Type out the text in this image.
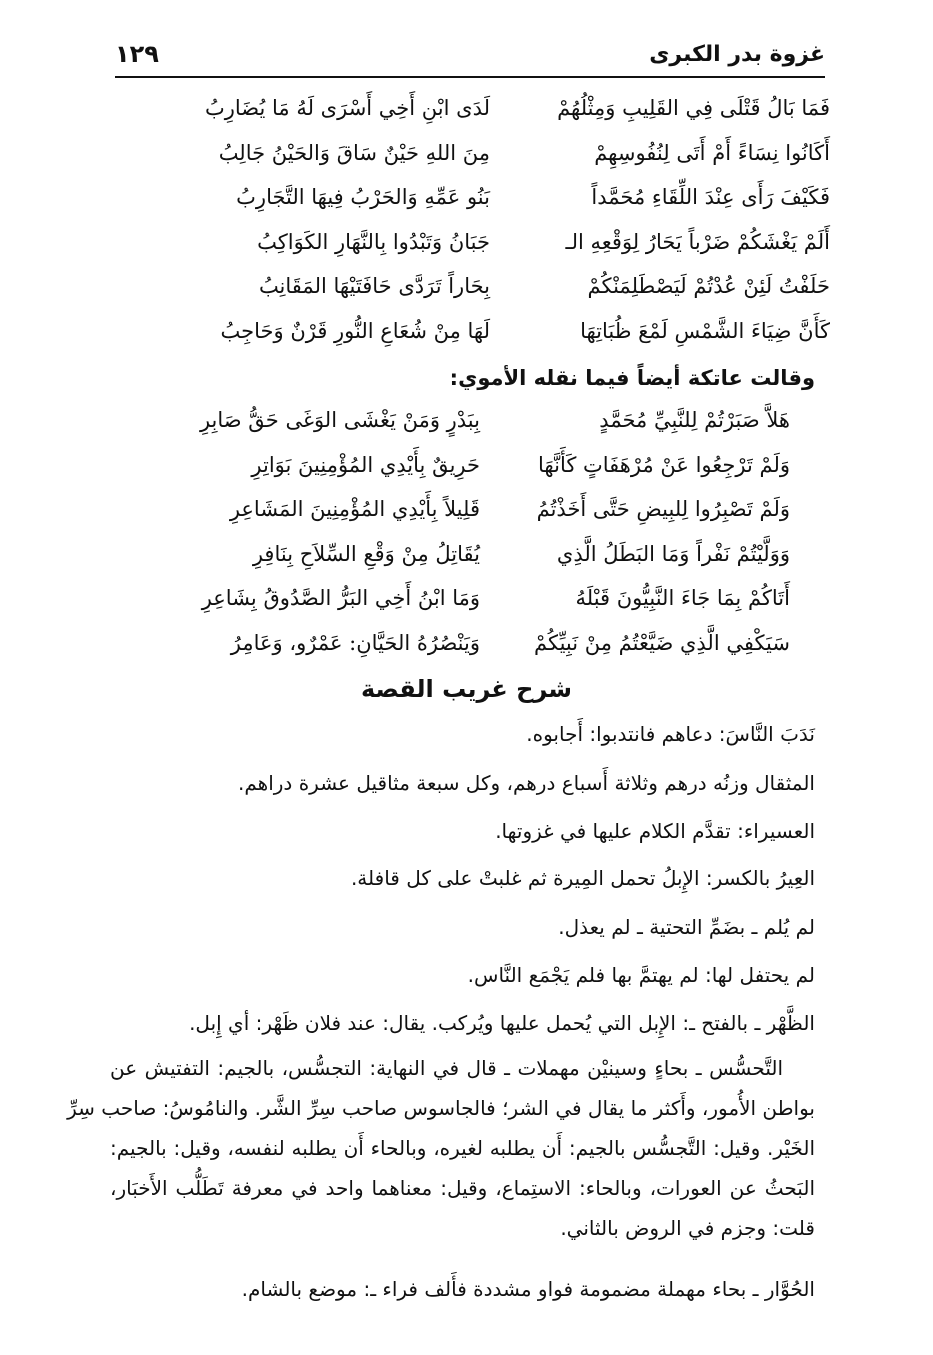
غزوة بدر الكبرى
١٢٩
فَمَا بَالُ قَتْلَى فِي القَلِيبِ وَمِثْلُهُمْ
لَدَى ابْنِ أَخِي أَسْرَى لَهُ مَا يُضَارِبُ
أَكَانُوا نِسَاءً أَمْ أَتَى لِنُفُوسِهِمْ
مِنَ اللهِ حَيْنٌ سَاقَ وَالحَيْنُ جَالِبُ
فَكَيْفَ رَأَى عِنْدَ اللِّقَاءِ مُحَمَّداً
بَنُو عَمِّهِ وَالحَرْبُ فِيهَا التَّجَارِبُ
أَلَمْ يَغْشَكُمْ ضَرْباً يَحَارُ لِوَقْعِهِ الـ
جَبَانُ وَتَبْدُوا بِالنَّهَارِ الكَوَاكِبُ
حَلَفْتُ لَئِنْ عُدْتُمْ لَيَصْطَلِمَنْكُمْ
بِحَاراً تَرَدَّى حَافَتَيْهَا المَقَانِبُ
كَأَنَّ ضِيَاءَ الشَّمْسِ لَمْعَ ظُبَاتِهَا
لَهَا مِنْ شُعَاعِ النُّورِ قَرْنٌ وَحَاجِبُ
وقالت عاتكة أيضاً فيما نقله الأموي:
هَلاَّ صَبَرْتُمْ لِلنَّبِيِّ مُحَمَّدٍ
بِبَدْرٍ وَمَنْ يَغْشَى الوَغَى حَقُّ صَابِرِ
وَلَمْ تَرْجِعُوا عَنْ مُرْهَفَاتٍ كَأَنَّهَا
حَرِيقٌ بِأَيْدِي المُؤْمِنِينَ بَوَاتِرِ
وَلَمْ تَصْبِرُوا لِلبِيضِ حَتَّى أَخَذْتُمُ
قَلِيلاً بِأَيْدِي المُؤْمِنِينَ المَشَاعِرِ
وَوَلَّيْتُمْ نَفْراً وَمَا البَطَلُ الَّذِي
يُقَاتِلُ مِنْ وَقْعِ السِّلاَحِ بِنَافِرِ
أَتَاكُمْ بِمَا جَاءَ النَّبِيُّونَ قَبْلَهُ
وَمَا ابْنُ أَخِي البَرُّ الصَّدُوقُ بِشَاعِرِ
سَيَكْفِي الَّذِي ضَيَّعْتُمُ مِنْ نَبِيِّكُمْ
وَيَنْصُرُهُ الحَيَّانِ: عَمْرٌو، وَعَامِرُ
شرح غريب القصة
نَدَبَ النَّاسَ: دعاهم فانتدبوا: أَجابوه.
المثقال وزنُه درهم وثلاثة أَسباع درهم، وكل سبعة مثاقيل عشرة دراهم.
العسيراء: تقدَّم الكلام عليها في غزوتها.
العِيرُ بالكسر: الإِبلُ تحمل المِيرة ثم غلبتْ على كل قافلة.
لم يُلم ـ بضَمِّ التحتية ـ لم يعذل.
لم يحتفل لها: لم يهتمَّ بها فلم يَجْمَع النَّاس.
الظَّهْر ـ بالفتح ـ: الإِبل التي يُحمل عليها ويُركب. يقال: عند فلان ظَهْر: أي إِبل.
التَّحسُّس ـ بحاءٍ وسينيْن مهملات ـ قال في النهاية: التجسُّس، بالجيم: التفتيش عن
بواطن الأُمور، وأَكثر ما يقال في الشر؛ فالجاسوس صاحب سِرِّ الشَّر. والنامُوسُ: صاحب سِرِّ
الخَيْر. وقيل: التَّجسُّس بالجيم: أَن يطلبه لغيره، وبالحاء أَن يطلبه لنفسه، وقيل: بالجيم:
البَحثُ عن العورات، وبالحاء: الاستِماع، وقيل: معناهما واحد في معرفة تَطَلُّب الأَخبَار،
قلت: وجزم في الروض بالثاني.
الحُوَّار ـ بحاء مهملة مضمومة فواو مشددة فأَلف فراء ـ: موضع بالشام.
